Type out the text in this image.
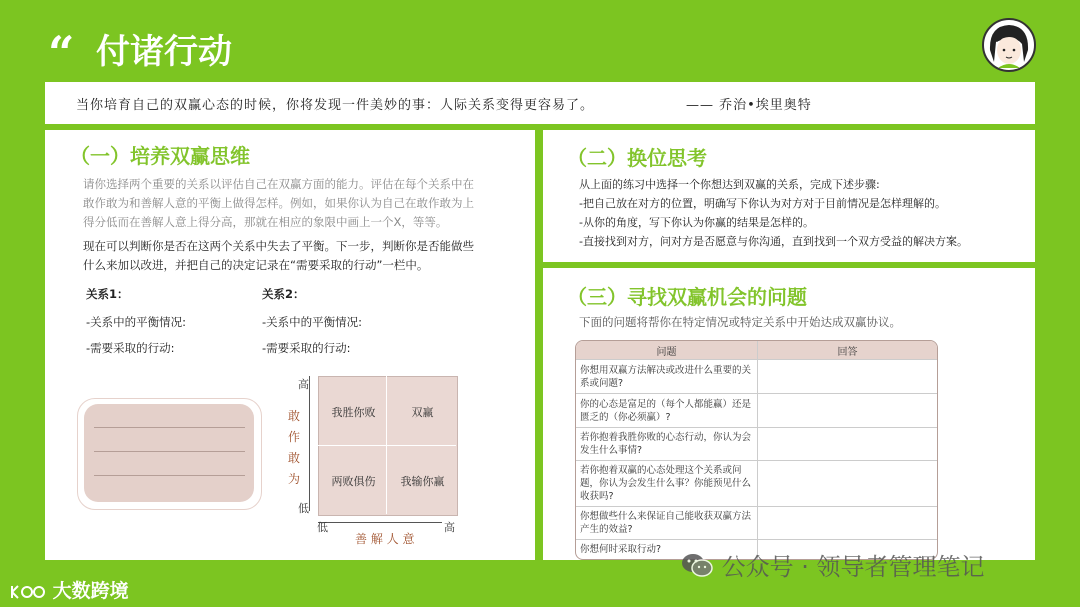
“ 付诸行动
当你培育自己的双赢心态的时候，你将发现一件美妙的事：人际关系变得更容易了。	—— 乔治•埃里奥特
（一）培养双赢思维
请你选择两个重要的关系以评估自己在双赢方面的能力。评估在每个关系中在
敢作敢为和善解人意的平衡上做得怎样。例如，如果你认为自己在敢作敢为上
得分低而在善解人意上得分高，那就在相应的象限中画上一个X，等等。
现在可以判断你是否在这两个关系中失去了平衡。下一步，判断你是否能做些
什么来加以改进，并把自己的决定记录在“需要采取的行动”一栏中。
关系1：
-关系中的平衡情况:
-需要采取的行动:
关系2：
-关系中的平衡情况:
-需要采取的行动:
我胜你败	双赢
两败俱伤	我输你赢
高
低
低	高
敢
作
敢
为
善 解 人 意
（二）换位思考
从上面的练习中选择一个你想达到双赢的关系，完成下述步骤:
-把自己放在对方的位置，明确写下你认为对方对于目前情况是怎样理解的。
-从你的角度，写下你认为你赢的结果是怎样的。
-直接找到对方，问对方是否愿意与你沟通，直到找到一个双方受益的解决方案。
（三）寻找双赢机会的问题
下面的问题将帮你在特定情况或特定关系中开始达成双赢协议。
问题	回答
你想用双赢方法解决或改进什么重要的关系或问题?	
你的心态是富足的（每个人都能赢）还是匮乏的（你必须赢）?	
若你抱着我胜你败的心态行动，你认为会发生什么事情?	
若你抱着双赢的心态处理这个关系或问题，你认为会发生什么事？你能预见什么收获吗?	
你想做些什么来保证自己能收获双赢方法产生的效益?	
你想何时采取行动?	
大数跨境
公众号 · 领导者管理笔记
